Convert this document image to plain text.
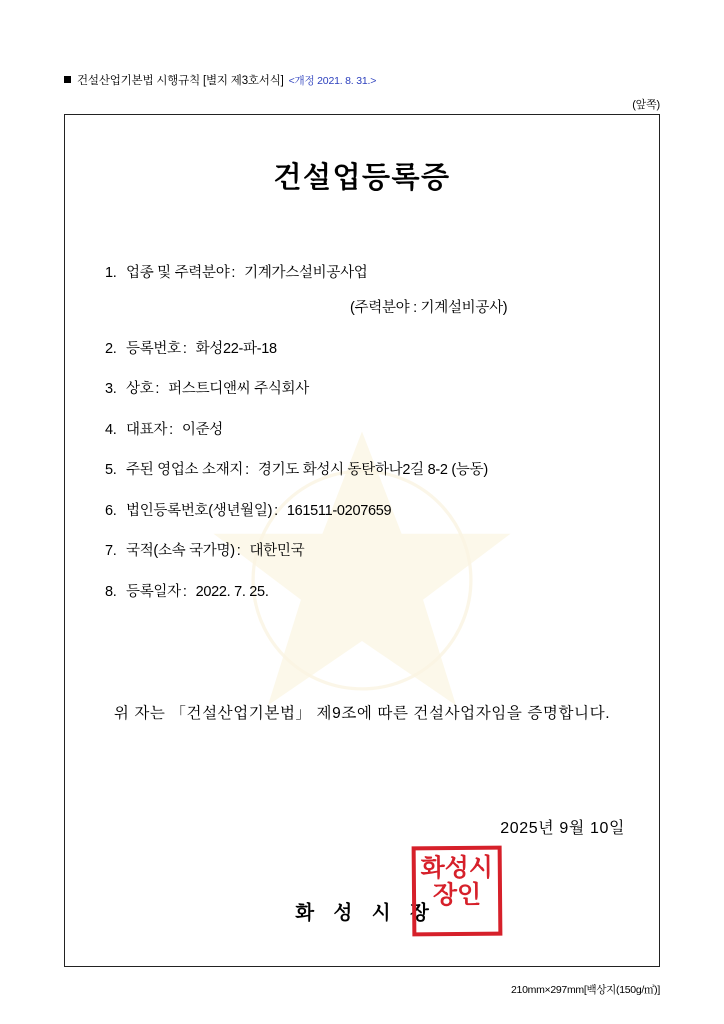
건설산업기본법 시행규칙 [별지 제3호서식] <개정 2021. 8. 31.>
(앞쪽)
건설업등록증
1. 업종 및 주력분야 : 기계가스설비공사업
(주력분야 : 기계설비공사)
2. 등록번호 : 화성22-파-18
3. 상호 : 퍼스트디앤씨 주식회사
4. 대표자 : 이준성
5. 주된 영업소 소재지 : 경기도 화성시 동탄하나2길 8-2 (능동)
6. 법인등록번호(생년월일) : 161511-0207659
7. 국적(소속 국가명) : 대한민국
8. 등록일자 : 2022. 7. 25.
위 자는 「건설산업기본법」 제9조에 따른 건설사업자임을 증명합니다.
2025년 9월 10일
화 성 시 장
화성시
장인
210mm×297mm[백상지(150g/㎡)]
